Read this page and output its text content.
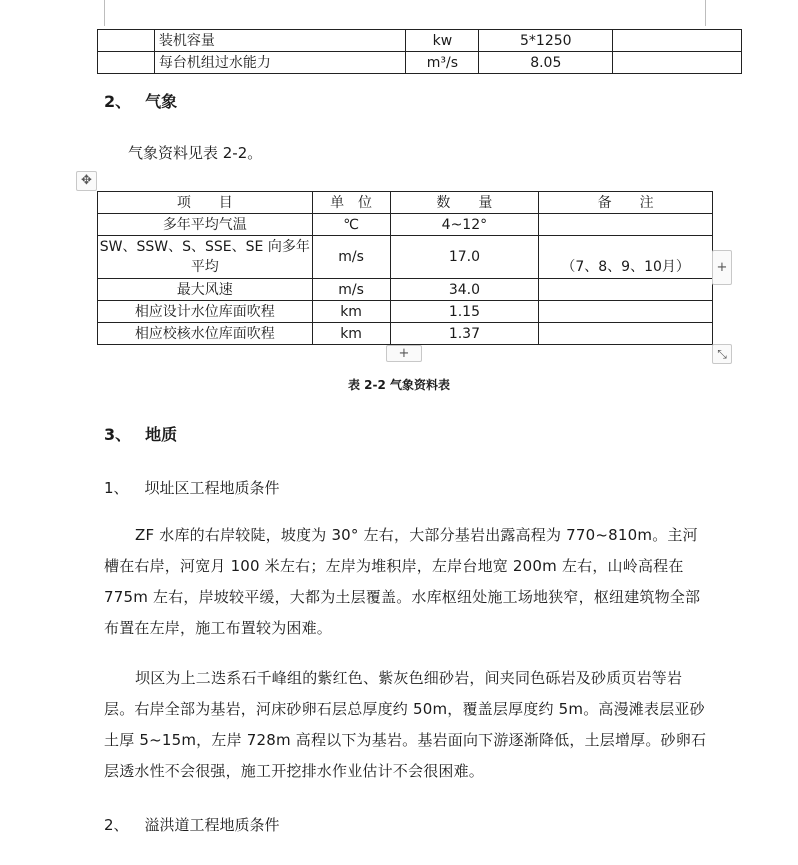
	装机容量	kw	5*1250	
	每台机组过水能力	m³/s	8.05	
2、 气象
气象资料见表 2-2。
✥
项　　目	单　位	数　　量	备　　注
多年平均气温	℃	4~12°	
SW、SSW、S、SSE、SE 向多年平均	m/s	17.0	（7、8、9、10月）
最大风速	m/s	34.0	
相应设计水位库面吹程	km	1.15	
相应校核水位库面吹程	km	1.37	
+
+	⤡
表 2-2 气象资料表
3、 地质
1、 坝址区工程地质条件
ZF 水库的右岸较陡，坡度为 30° 左右，大部分基岩出露高程为 770~810m。主河槽在右岸，河宽月 100 米左右；左岸为堆积岸，左岸台地宽 200m 左右，山岭高程在 775m 左右，岸坡较平缓，大都为土层覆盖。水库枢纽处施工场地狭窄，枢纽建筑物全部布置在左岸，施工布置较为困难。
坝区为上二迭系石千峰组的紫红色、紫灰色细砂岩，间夹同色砾岩及砂质页岩等岩层。右岸全部为基岩，河床砂卵石层总厚度约 50m，覆盖层厚度约 5m。高漫滩表层亚砂土厚 5~15m，左岸 728m 高程以下为基岩。基岩面向下游逐渐降低，土层增厚。砂卵石层透水性不会很强，施工开挖排水作业估计不会很困难。
2、 溢洪道工程地质条件
